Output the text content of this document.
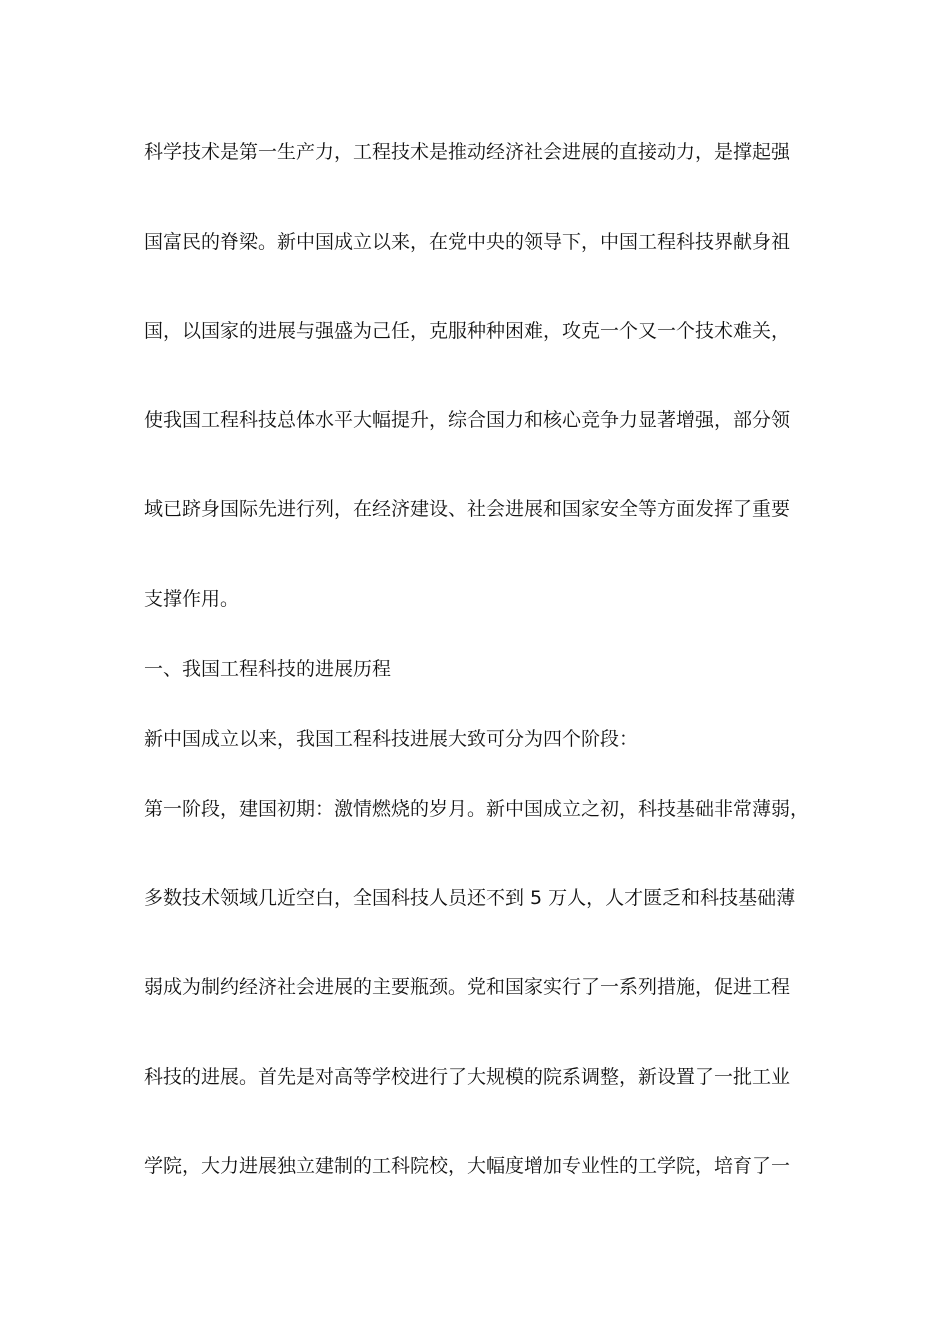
科学技术是第一生产力，工程技术是推动经济社会进展的直接动力，是撑起强
国富民的脊梁。新中国成立以来，在党中央的领导下，中国工程科技界献身祖
国，以国家的进展与强盛为己任，克服种种困难，攻克一个又一个技术难关，
使我国工程科技总体水平大幅提升，综合国力和核心竞争力显著增强，部分领
域已跻身国际先进行列，在经济建设、社会进展和国家安全等方面发挥了重要
支撑作用。
一、我国工程科技的进展历程
新中国成立以来，我国工程科技进展大致可分为四个阶段：
第一阶段，建国初期：激情燃烧的岁月。新中国成立之初，科技基础非常薄弱，
多数技术领域几近空白，全国科技人员还不到 5 万人，人才匮乏和科技基础薄
弱成为制约经济社会进展的主要瓶颈。党和国家实行了一系列措施，促进工程
科技的进展。首先是对高等学校进行了大规模的院系调整，新设置了一批工业
学院，大力进展独立建制的工科院校，大幅度增加专业性的工学院，培育了一
